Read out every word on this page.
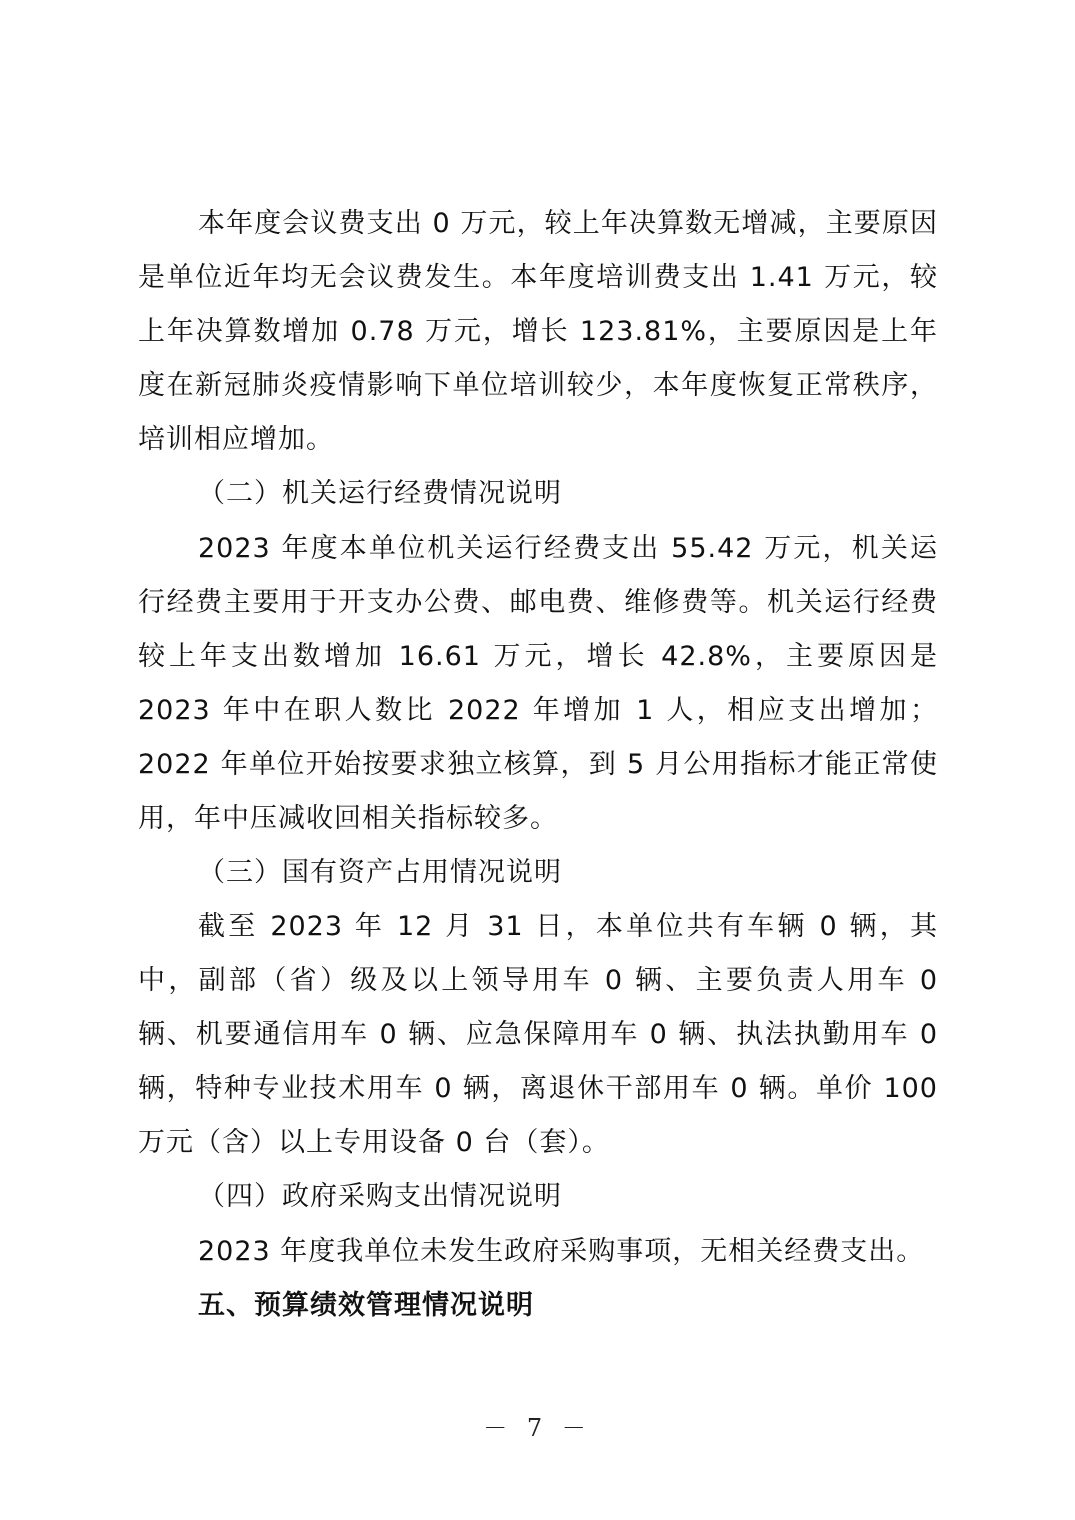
本年度会议费支出 0 万元，较上年决算数无增减，主要原因是单位近年均无会议费发生。本年度培训费支出 1.41 万元，较上年决算数增加 0.78 万元，增长 123.81%，主要原因是上年度在新冠肺炎疫情影响下单位培训较少，本年度恢复正常秩序，培训相应增加。

（二）机关运行经费情况说明

2023 年度本单位机关运行经费支出 55.42 万元，机关运行经费主要用于开支办公费、邮电费、维修费等。机关运行经费较上年支出数增加 16.61 万元，增长 42.8%，主要原因是 2023 年中在职人数比 2022 年增加 1 人，相应支出增加；2022 年单位开始按要求独立核算，到 5 月公用指标才能正常使用，年中压减收回相关指标较多。

（三）国有资产占用情况说明

截至 2023 年 12 月 31 日，本单位共有车辆 0 辆，其中，副部（省）级及以上领导用车 0 辆、主要负责人用车 0 辆、机要通信用车 0 辆、应急保障用车 0 辆、执法执勤用车 0 辆，特种专业技术用车 0 辆，离退休干部用车 0 辆。单价 100 万元（含）以上专用设备 0 台（套）。

（四）政府采购支出情况说明

2023 年度我单位未发生政府采购事项，无相关经费支出。

五、预算绩效管理情况说明
－ 7 －
